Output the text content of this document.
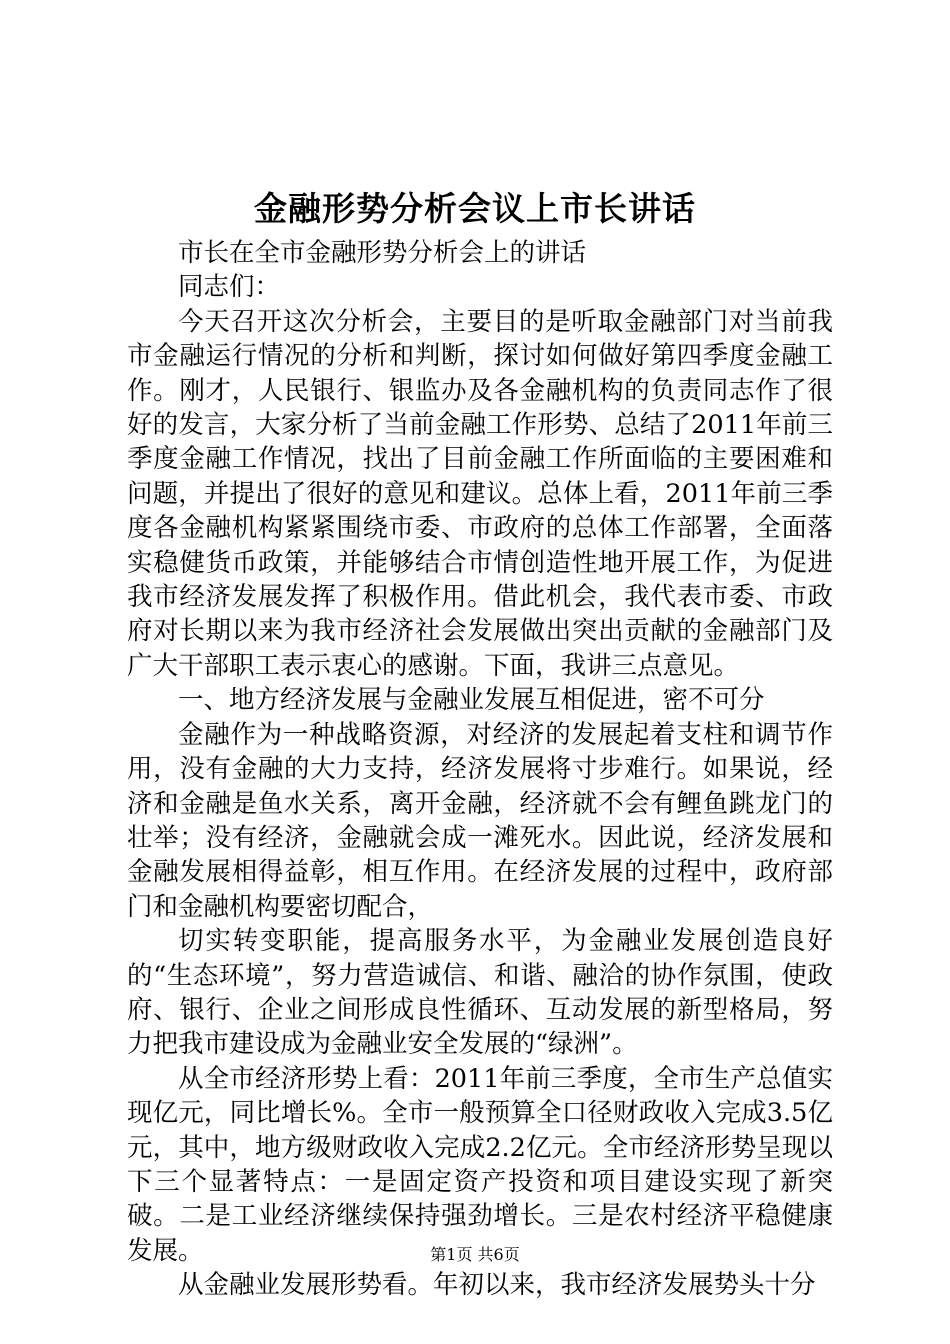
金融形势分析会议上市长讲话

市长在全市金融形势分析会上的讲话

同志们：

今天召开这次分析会，主要目的是听取金融部门对当前我市金融运行情况的分析和判断，探讨如何做好第四季度金融工作。刚才，人民银行、银监办及各金融机构的负责同志作了很好的发言，大家分析了当前金融工作形势、总结了2011年前三季度金融工作情况，找出了目前金融工作所面临的主要困难和问题，并提出了很好的意见和建议。总体上看，2011年前三季度各金融机构紧紧围绕市委、市政府的总体工作部署，全面落实稳健货币政策，并能够结合市情创造性地开展工作，为促进我市经济发展发挥了积极作用。借此机会，我代表市委、市政府对长期以来为我市经济社会发展做出突出贡献的金融部门及广大干部职工表示衷心的感谢。下面，我讲三点意见。

一、地方经济发展与金融业发展互相促进，密不可分

金融作为一种战略资源，对经济的发展起着支柱和调节作用，没有金融的大力支持，经济发展将寸步难行。如果说，经济和金融是鱼水关系，离开金融，经济就不会有鲤鱼跳龙门的壮举；没有经济，金融就会成一滩死水。因此说，经济发展和金融发展相得益彰，相互作用。在经济发展的过程中，政府部门和金融机构要密切配合，

切实转变职能，提高服务水平，为金融业发展创造良好的“生态环境”，努力营造诚信、和谐、融洽的协作氛围，使政府、银行、企业之间形成良性循环、互动发展的新型格局，努力把我市建设成为金融业安全发展的“绿洲”。

从全市经济形势上看：2011年前三季度，全市生产总值实现亿元，同比增长%。全市一般预算全口径财政收入完成3.5亿元，其中，地方级财政收入完成2.2亿元。全市经济形势呈现以下三个显著特点：一是固定资产投资和项目建设实现了新突破。二是工业经济继续保持强劲增长。三是农村经济平稳健康发展。

从金融业发展形势看。年初以来，我市经济发展势头十分

第1页 共6页
